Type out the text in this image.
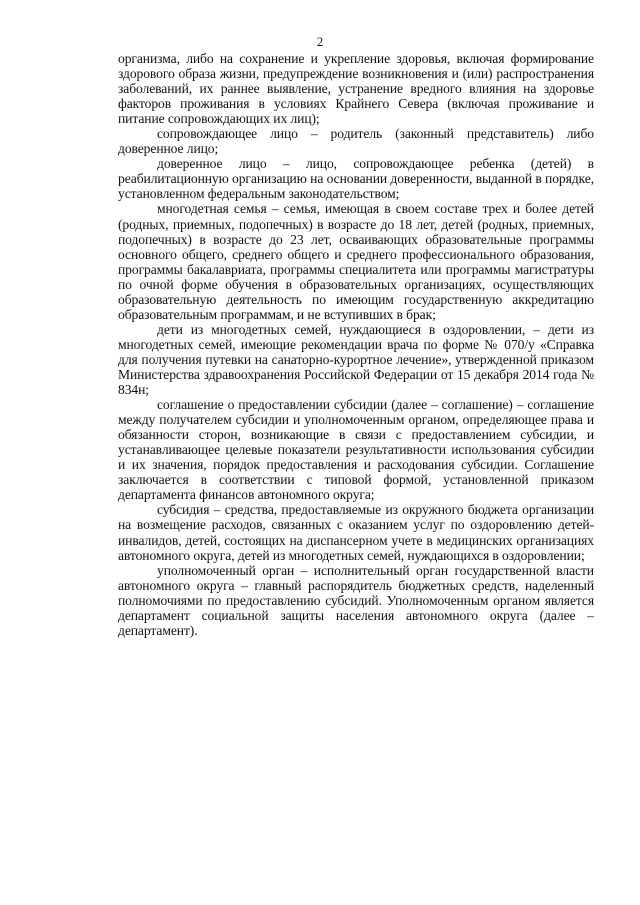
2

организма, либо на сохранение и укрепление здоровья, включая формирование здорового образа жизни, предупреждение возникновения и (или) распространения заболеваний, их раннее выявление, устранение вредного влияния на здоровье факторов проживания в условиях Крайнего Севера (включая проживание и питание сопровождающих их лиц);

сопровождающее лицо – родитель (законный представитель) либо доверенное лицо;

доверенное лицо – лицо, сопровождающее ребенка (детей) в реабилитационную организацию на основании доверенности, выданной в порядке, установленном федеральным законодательством;

многодетная семья – семья, имеющая в своем составе трех и более детей (родных, приемных, подопечных) в возрасте до 18 лет, детей (родных, приемных, подопечных) в возрасте до 23 лет, осваивающих образовательные программы основного общего, среднего общего и среднего профессионального образования, программы бакалавриата, программы специалитета или программы магистратуры по очной форме обучения в образовательных организациях, осуществляющих образовательную деятельность по имеющим государственную аккредитацию образовательным программам, и не вступивших в брак;

дети из многодетных семей, нуждающиеся в оздоровлении, – дети из многодетных семей, имеющие рекомендации врача по форме № 070/у «Справка для получения путевки на санаторно-курортное лечение», утвержденной приказом Министерства здравоохранения Российской Федерации от 15 декабря 2014 года № 834н;

соглашение о предоставлении субсидии (далее – соглашение) – соглашение между получателем субсидии и уполномоченным органом, определяющее права и обязанности сторон, возникающие в связи с предоставлением субсидии, и устанавливающее целевые показатели результативности использования субсидии и их значения, порядок предоставления и расходования субсидии. Соглашение заключается в соответствии с типовой формой, установленной приказом департамента финансов автономного округа;

субсидия – средства, предоставляемые из окружного бюджета организации на возмещение расходов, связанных с оказанием услуг по оздоровлению детей-инвалидов, детей, состоящих на диспансерном учете в медицинских организациях автономного округа, детей из многодетных семей, нуждающихся в оздоровлении;

уполномоченный орган – исполнительный орган государственной власти автономного округа – главный распорядитель бюджетных средств, наделенный полномочиями по предоставлению субсидий. Уполномоченным органом является департамент социальной защиты населения автономного округа (далее – департамент).
